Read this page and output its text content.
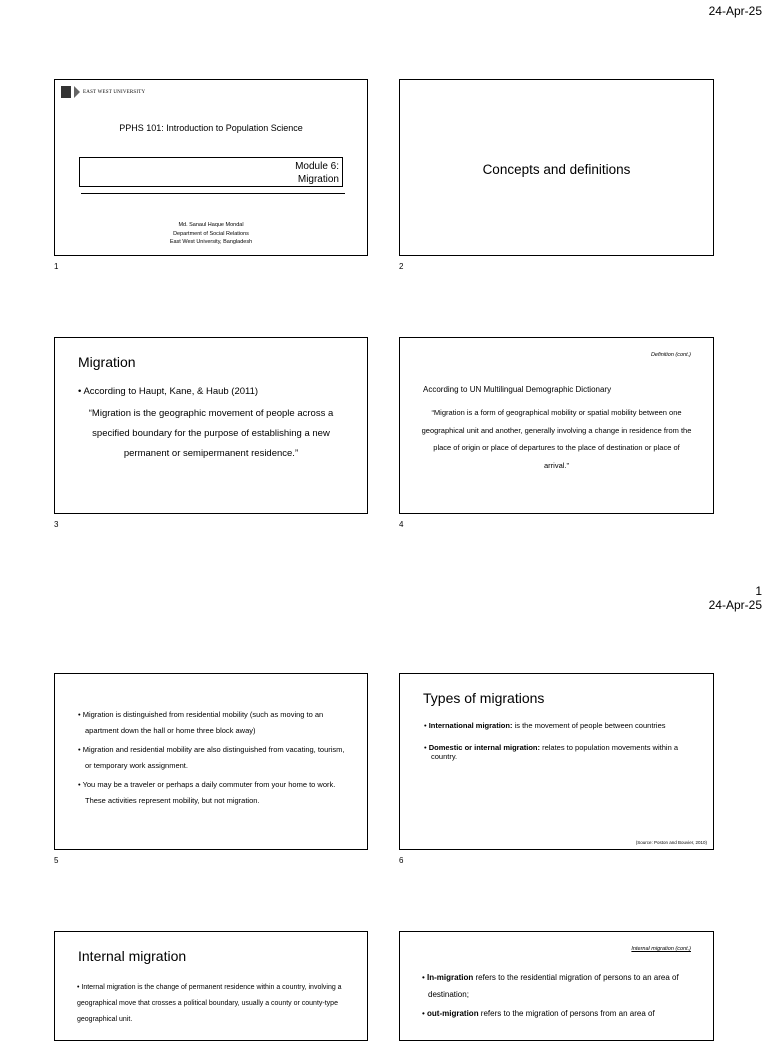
24-Apr-25
EAST WEST UNIVERSITY
PPHS 101: Introduction to Population Science
Module 6:
Migration
Md. Sanaul Haque Mondal
Department of Social Relations
East West University, Bangladesh
1
Concepts and definitions
2
Migration
• According to Haupt, Kane, & Haub (2011)
“Migration is the geographic movement of people across a specified boundary for the purpose of establishing a new permanent or semipermanent residence.”
3
Definition (cont.)
According to UN Multilingual Demographic Dictionary
“Migration is a form of geographical mobility or spatial mobility between one geographical unit and another, generally involving a change in residence from the place of origin or place of departures to the place of destination or place of arrival.”
4
1
24-Apr-25

• Migration is distinguished from residential mobility (such as moving to an apartment down the hall or home three block away)

• Migration and residential mobility are also distinguished from vacating, tourism, or temporary work assignment.

• You may be a traveler or perhaps a daily commuter from your home to work. These activities represent mobility, but not migration.

5
Types of migrations

• International migration: is the movement of people between countries

• Domestic or internal migration: relates to population movements within a country.

(Source: Poston and Bouvier, 2010)
6
Internal migration
• Internal migration is the change of permanent residence within a country, involving a geographical move that crosses a political boundary, usually a county or county-type geographical unit.
Internal migration (cont.)

• In-migration refers to the residential migration of persons to an area of destination;

• out-migration refers to the migration of persons from an area of
